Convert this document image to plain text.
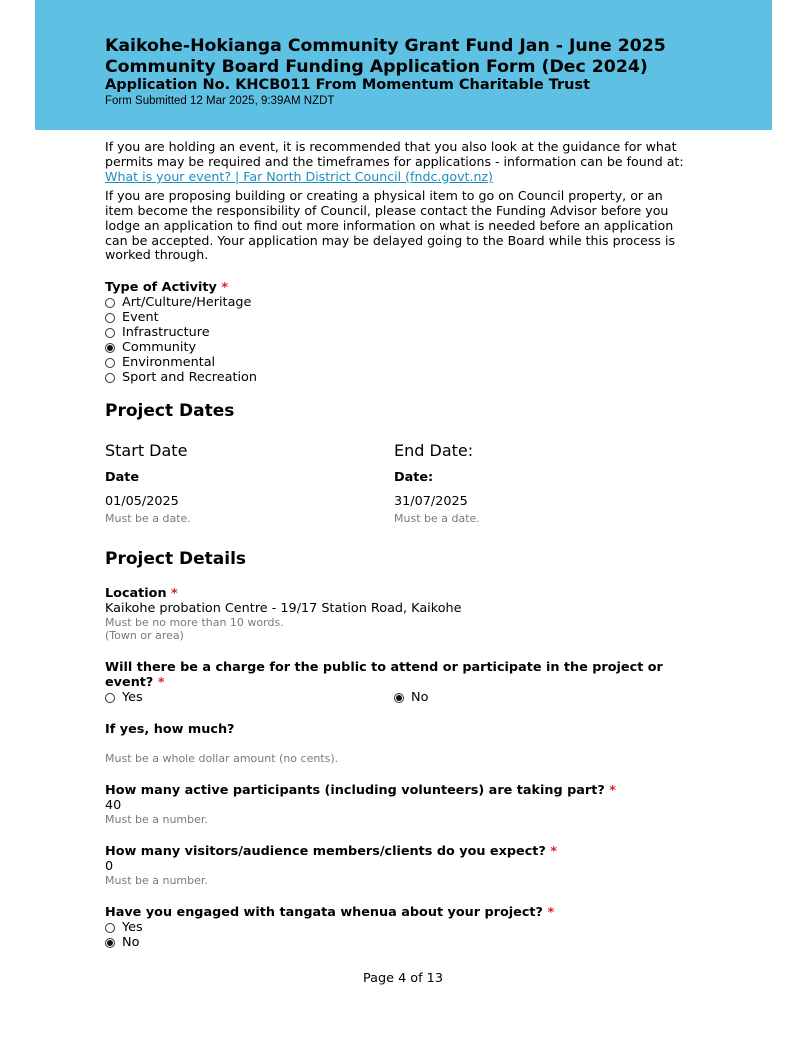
Kaikohe-Hokianga Community Grant Fund Jan - June 2025
Community Board Funding Application Form (Dec 2024)
Application No. KHCB011 From Momentum Charitable Trust
Form Submitted 12 Mar 2025, 9:39AM NZDT
If you are holding an event, it is recommended that you also look at the guidance for what
permits may be required and the timeframes for applications - information can be found at:
What is your event? | Far North District Council (fndc.govt.nz)
If you are proposing building or creating a physical item to go on Council property, or an
item become the responsibility of Council, please contact the Funding Advisor before you
lodge an application to find out more information on what is needed before an application
can be accepted. Your application may be delayed going to the Board while this process is
worked through.
Type of Activity *
Art/Culture/Heritage
Event
Infrastructure
Community
Environmental
Sport and Recreation
Project Dates
Start Date	End Date:
Date	Date:
01/05/2025	31/07/2025
Must be a date.	Must be a date.
Project Details
Location *
Kaikohe probation Centre - 19/17 Station Road, Kaikohe
Must be no more than 10 words.
(Town or area)
Will there be a charge for the public to attend or participate in the project or
event? *
Yes	No
If yes, how much?
Must be a whole dollar amount (no cents).
How many active participants (including volunteers) are taking part? *
40
Must be a number.
How many visitors/audience members/clients do you expect? *
0
Must be a number.
Have you engaged with tangata whenua about your project? *
Yes
No
Page 4 of 13
